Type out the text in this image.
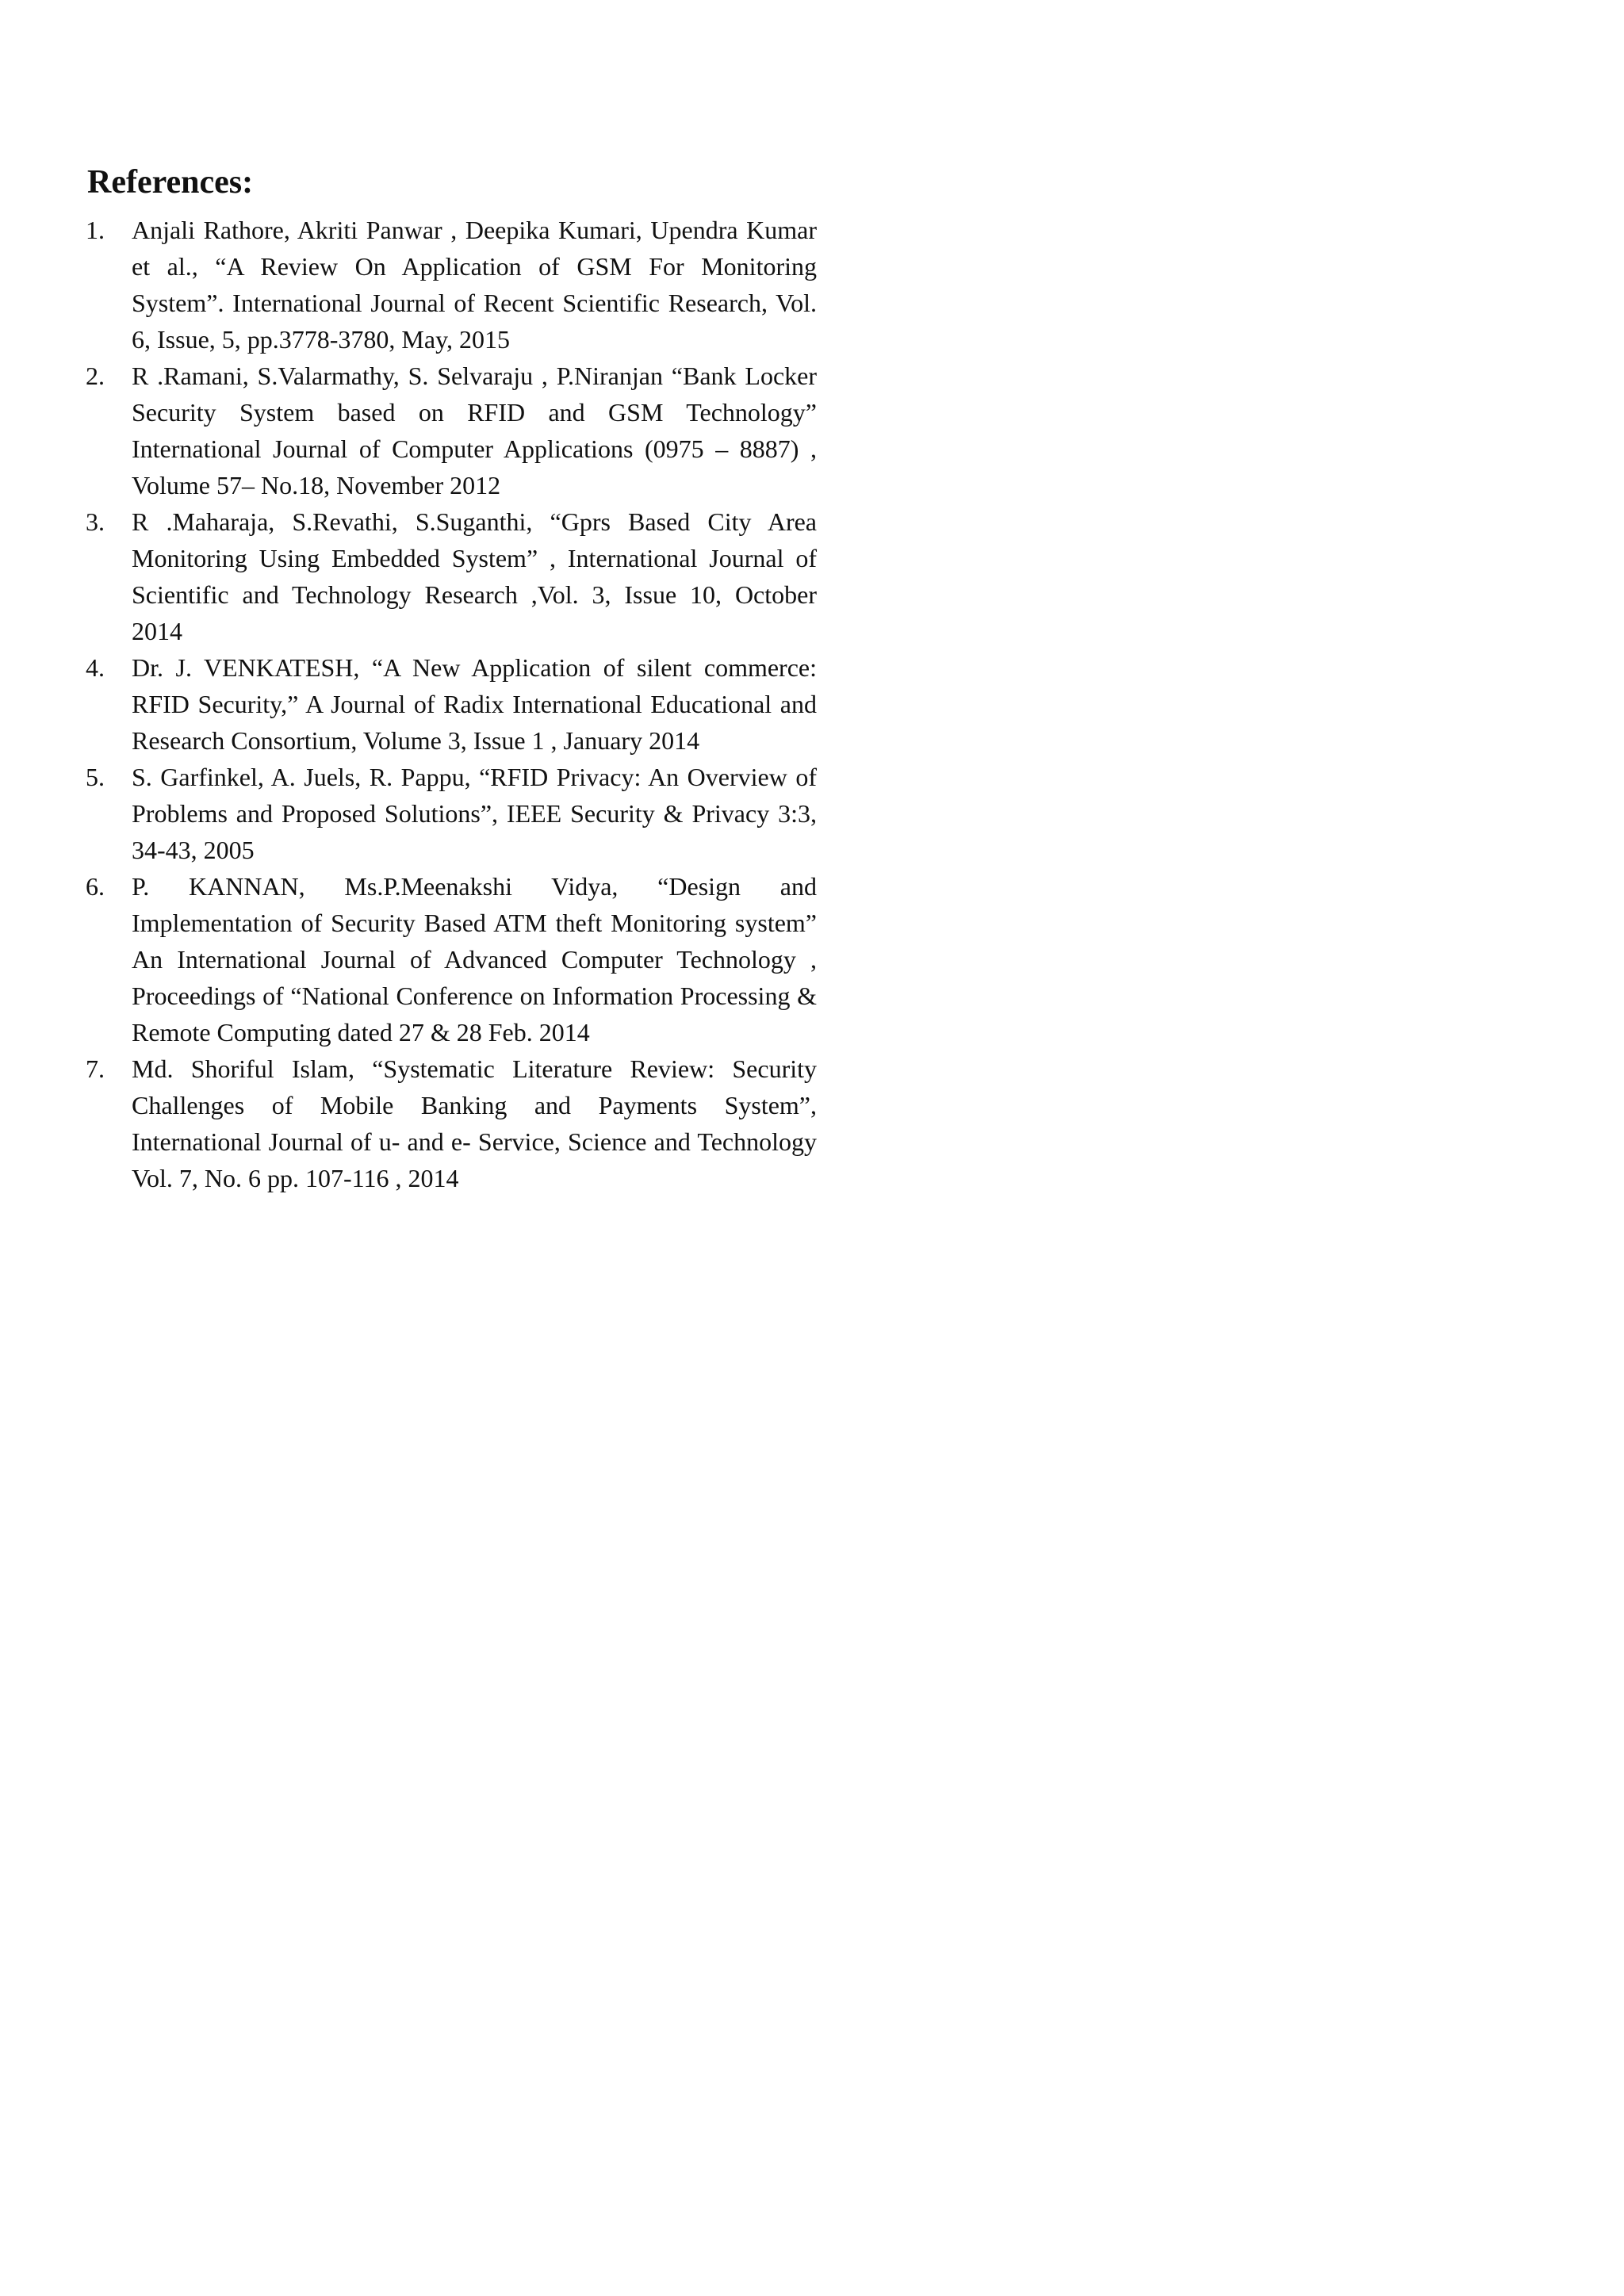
References:
1. Anjali Rathore, Akriti Panwar , Deepika Kumari, Upendra Kumar et al., “A Review On Application of GSM For Monitoring System”. International Journal of Recent Scientific Research, Vol. 6, Issue, 5, pp.3778-3780, May, 2015
2. R .Ramani, S.Valarmathy, S. Selvaraju , P.Niranjan “Bank Locker Security System based on RFID and GSM Technology” International Journal of Computer Applications (0975 – 8887) , Volume 57– No.18, November 2012
3. R .Maharaja, S.Revathi, S.Suganthi, “Gprs Based City Area Monitoring Using Embedded System” , International Journal of Scientific and Technology Research ,Vol. 3, Issue 10, October 2014
4. Dr. J. VENKATESH, “A New Application of silent commerce: RFID Security,” A Journal of Radix International Educational and Research Consortium, Volume 3, Issue 1 , January 2014
5. S. Garfinkel, A. Juels, R. Pappu, “RFID Privacy: An Overview of Problems and Proposed Solutions”, IEEE Security & Privacy 3:3, 34-43, 2005
6. P. KANNAN, Ms.P.Meenakshi Vidya, “Design and Implementation of Security Based ATM theft Monitoring system” An International Journal of Advanced Computer Technology , Proceedings of “National Conference on Information Processing & Remote Computing dated 27 & 28 Feb. 2014
7. Md. Shoriful Islam, “Systematic Literature Review: Security Challenges of Mobile Banking and Payments System”, International Journal of u- and e- Service, Science and Technology Vol. 7, No. 6 pp. 107-116 , 2014
